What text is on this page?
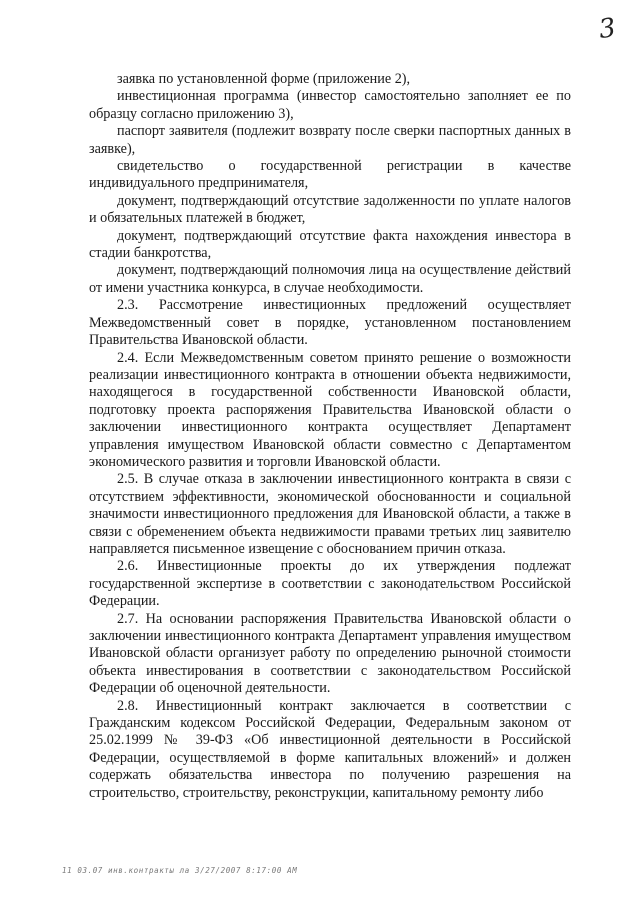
3

заявка по установленной форме (приложение 2),

инвестиционная программа (инвестор самостоятельно заполняет ее по образцу согласно приложению 3),

паспорт заявителя (подлежит возврату после сверки паспортных данных в заявке),

свидетельство о государственной регистрации в качестве индивидуального предпринимателя,

документ, подтверждающий отсутствие задолженности по уплате налогов и обязательных платежей в бюджет,

документ, подтверждающий отсутствие факта нахождения инвестора в стадии банкротства,

документ, подтверждающий полномочия лица на осуществление действий от имени участника конкурса, в случае необходимости.

2.3. Рассмотрение инвестиционных предложений осуществляет Межведомственный совет в порядке, установленном постановлением Правительства Ивановской области.

2.4. Если Межведомственным советом принято решение о возможности реализации инвестиционного контракта в отношении объекта недвижимости, находящегося в государственной собственности Ивановской области, подготовку проекта распоряжения Правительства Ивановской области о заключении инвестиционного контракта осуществляет Департамент управления имуществом Ивановской области совместно с Департаментом экономического развития и торговли Ивановской области.

2.5. В случае отказа в заключении инвестиционного контракта в связи с отсутствием эффективности, экономической обоснованности и социальной значимости инвестиционного предложения для Ивановской области, а также в связи с обременением объекта недвижимости правами третьих лиц заявителю направляется письменное извещение с обоснованием причин отказа.

2.6. Инвестиционные проекты до их утверждения подлежат государственной экспертизе в соответствии с законодательством Российской Федерации.

2.7. На основании распоряжения Правительства Ивановской области о заключении инвестиционного контракта Департамент управления имуществом Ивановской области организует работу по определению рыночной стоимости объекта инвестирования в соответствии с законодательством Российской Федерации об оценочной деятельности.

2.8. Инвестиционный контракт заключается в соответствии с Гражданским кодексом Российской Федерации, Федеральным законом от 25.02.1999 № 39-ФЗ «Об инвестиционной деятельности в Российской Федерации, осуществляемой в форме капитальных вложений» и должен содержать обязательства инвестора по получению разрешения на строительство, строительству, реконструкции, капитальному ремонту либо

11 03.07 инв.контракты ла 3/27/2007 8:17:00 AM
